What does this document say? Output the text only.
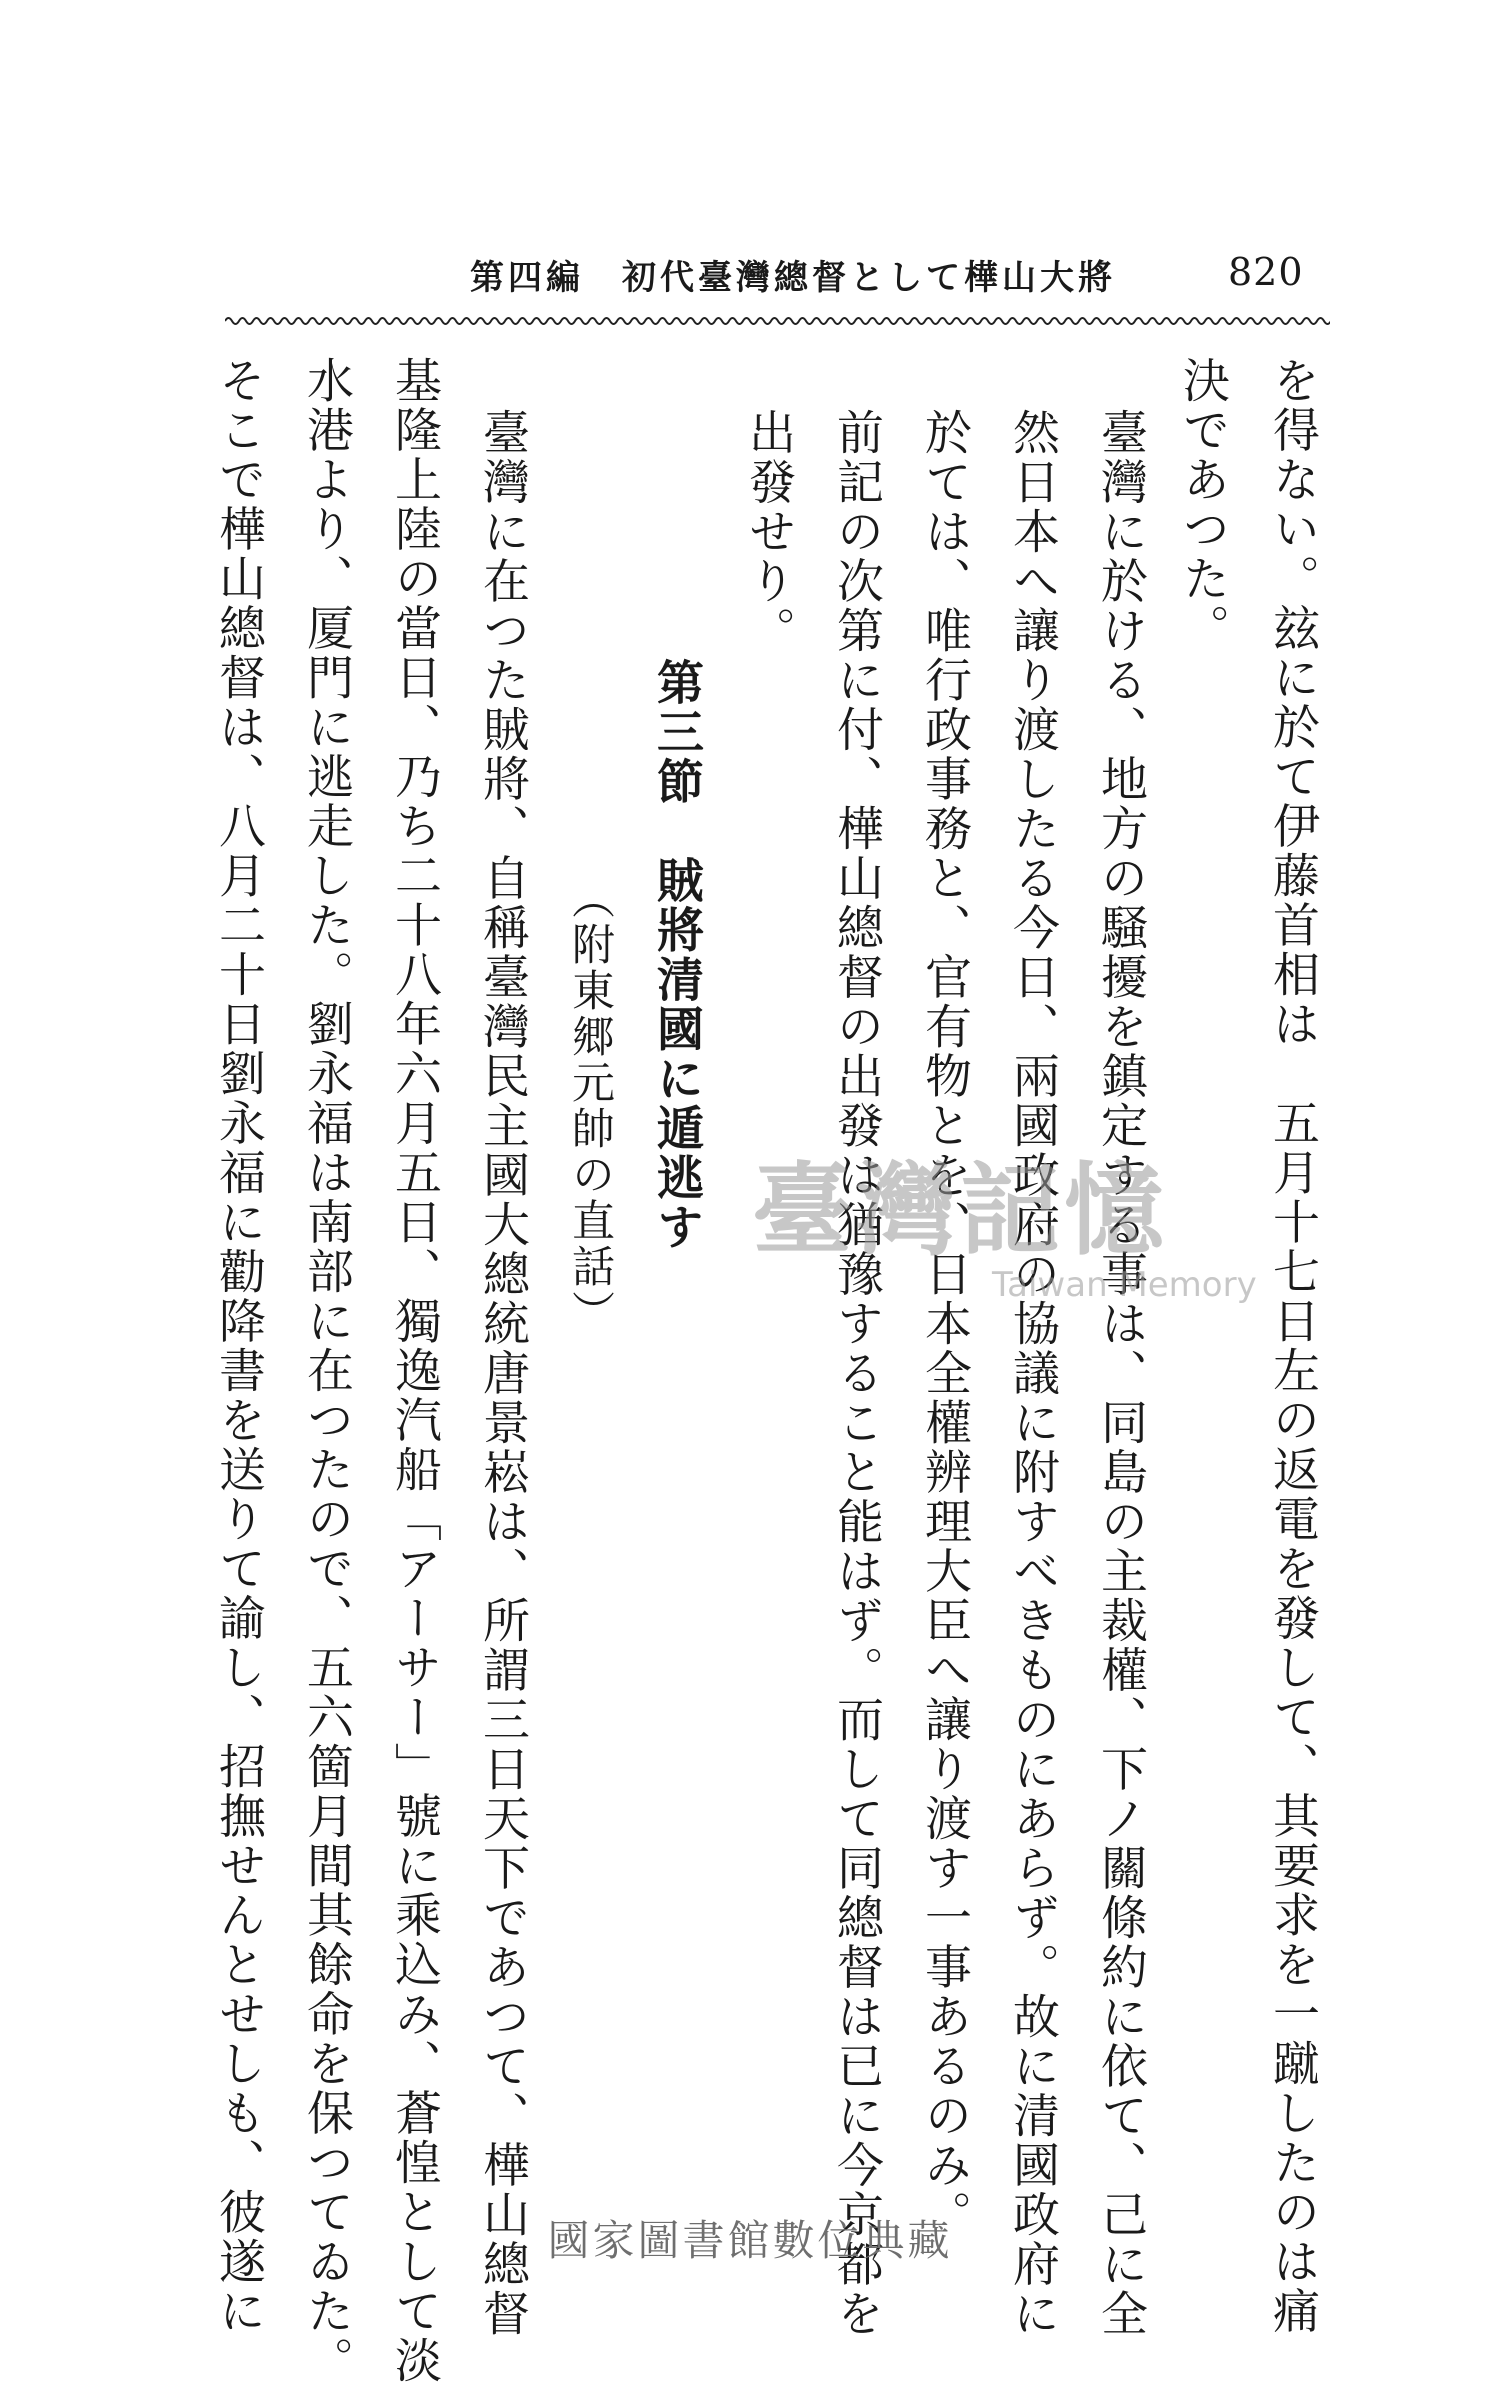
820
第四編　初代臺灣總督として樺山大將
を得ない。玆に於て伊藤首相は　五月十七日左の返電を發して、其要求を一蹴したのは痛
決であつた。
臺灣に於ける、地方の騒擾を鎮定する事は、同島の主裁權、下ノ關條約に依て、己に全
然日本へ讓り渡したる今日、兩國政府の協議に附すべきものにあらず。故に清國政府に
於ては、唯行政事務と、官有物とを、日本全權辨理大臣へ讓り渡す一事あるのみ。
前記の次第に付、樺山總督の出發は猶豫すること能はず。而して同總督は已に今京都を
出發せり。
第三節　賊將清國に遁逃す
（附東郷元帥の直話）
臺灣に在つた賊將、自稱臺灣民主國大總統唐景崧は、所謂三日天下であつて、樺山總督
基隆上陸の當日、乃ち二十八年六月五日、獨逸汽船「アーサー」號に乘込み、蒼惶として淡
水港より、厦門に逃走した。劉永福は南部に在つたので、五六箇月間其餘命を保つてゐた。
そこで樺山總督は、八月二十日劉永福に勸降書を送りて諭し、招撫せんとせしも、彼遂に	臺灣記憶
Taiwan Memory
國家圖書館數位典藏
